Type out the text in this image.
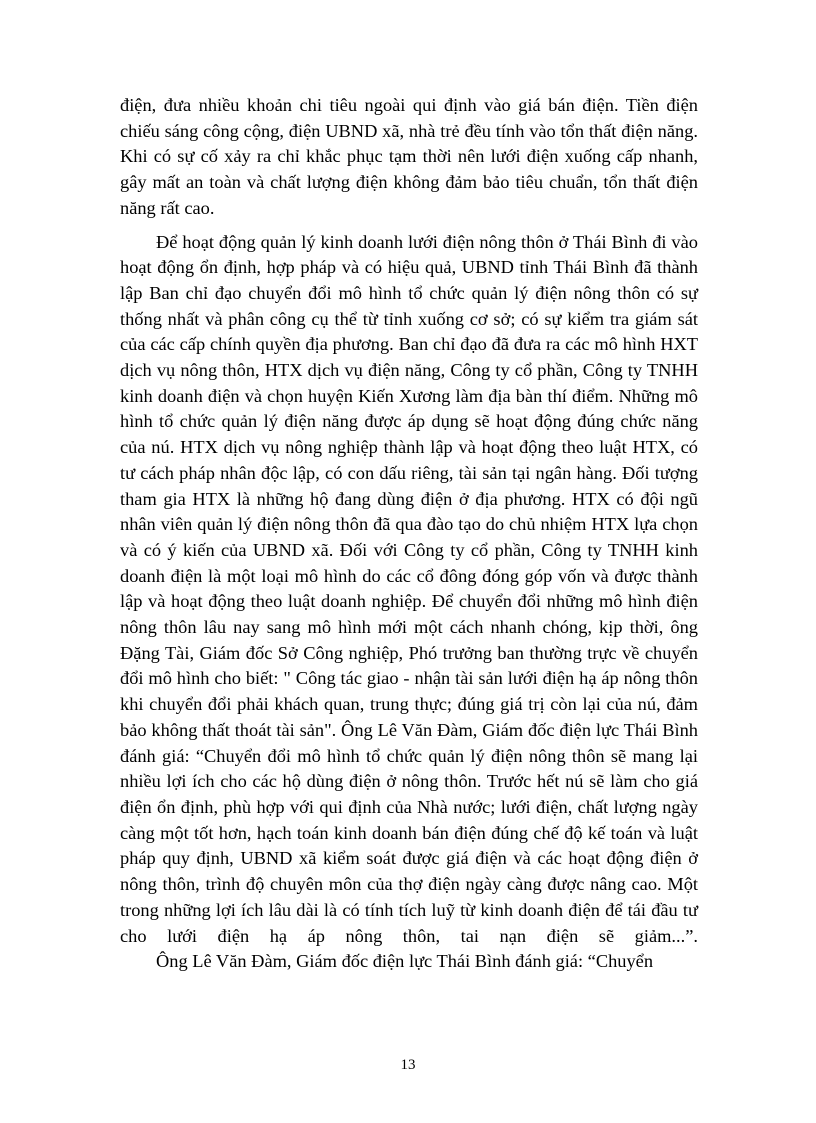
điện, đưa nhiều khoản chi tiêu ngoài qui định vào giá bán điện. Tiền điện chiếu sáng công cộng, điện UBND xã, nhà trẻ đều tính vào tổn thất điện năng. Khi có sự cố xảy ra chỉ khắc phục tạm thời nên lưới điện xuống cấp nhanh, gây mất an toàn và chất lượng điện không đảm bảo tiêu chuẩn, tổn thất điện năng rất cao.

Để hoạt động quản lý kinh doanh lưới điện nông thôn ở Thái Bình đi vào hoạt động ổn định, hợp pháp và có hiệu quả, UBND tỉnh Thái Bình đã thành lập Ban chỉ đạo chuyển đổi mô hình tổ chức quản lý điện nông thôn có sự thống nhất và phân công cụ thể từ tỉnh xuống cơ sở; có sự kiểm tra giám sát của các cấp chính quyền địa phương. Ban chỉ đạo đã đưa ra các mô hình HXT dịch vụ nông thôn, HTX dịch vụ điện năng, Công ty cổ phần, Công ty TNHH kinh doanh điện và chọn huyện Kiến Xương làm địa bàn thí điểm. Những mô hình tổ chức quản lý điện năng được áp dụng sẽ hoạt động đúng chức năng của nú. HTX dịch vụ nông nghiệp thành lập và hoạt động theo luật HTX, có tư cách pháp nhân độc lập, có con dấu riêng, tài sản tại ngân hàng. Đối tượng tham gia HTX là những hộ đang dùng điện ở địa phương. HTX có đội ngũ nhân viên quản lý điện nông thôn đã qua đào tạo do chủ nhiệm HTX lựa chọn và có ý kiến của UBND xã. Đối với Công ty cổ phần, Công ty TNHH kinh doanh điện là một loại mô hình do các cổ đông đóng góp vốn và được thành lập và hoạt động theo luật doanh nghiệp. Để chuyển đổi những mô hình điện nông thôn lâu nay sang mô hình mới một cách nhanh chóng, kịp thời, ông Đặng Tài, Giám đốc Sở Công nghiệp, Phó trưởng ban thường trực về chuyển đổi mô hình cho biết: " Công tác giao - nhận tài sản lưới điện hạ áp nông thôn khi chuyển đổi phải khách quan, trung thực; đúng giá trị còn lại của nú, đảm bảo không thất thoát tài sản". Ông Lê Văn Đàm, Giám đốc điện lực Thái Bình đánh giá: “Chuyển đổi mô hình tổ chức quản lý điện nông thôn sẽ mang lại nhiều lợi ích cho các hộ dùng điện ở nông thôn. Trước hết nú sẽ làm cho giá điện ổn định, phù hợp với qui định của Nhà nước; lưới điện, chất lượng ngày càng một tốt hơn, hạch toán kinh doanh bán điện đúng chế độ kế toán và luật pháp quy định, UBND xã kiểm soát được giá điện và các hoạt động điện ở nông thôn, trình độ chuyên môn của thợ điện ngày càng được nâng cao. Một trong những lợi ích lâu dài là có tính tích luỹ từ kinh doanh điện để tái đầu tư cho lưới điện hạ áp nông thôn, tai nạn điện sẽ giảm...”.

Ông Lê Văn Đàm, Giám đốc điện lực Thái Bình đánh giá: “Chuyển

13
